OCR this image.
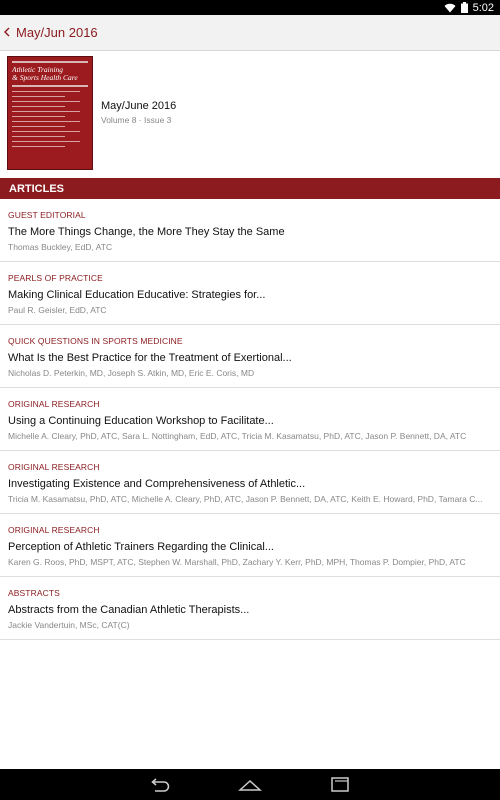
5:02
May/Jun 2016
Athletic Training
& Sports Health Care
May/June 2016
Volume 8 · Issue 3
ARTICLES
GUEST EDITORIAL
The More Things Change, the More They Stay the Same
Thomas Buckley, EdD, ATC
PEARLS OF PRACTICE
Making Clinical Education Educative: Strategies for...
Paul R. Geisler, EdD, ATC
QUICK QUESTIONS IN SPORTS MEDICINE
What Is the Best Practice for the Treatment of Exertional...
Nicholas D. Peterkin, MD, Joseph S. Atkin, MD, Eric E. Coris, MD
ORIGINAL RESEARCH
Using a Continuing Education Workshop to Facilitate...
Michelle A. Cleary, PhD, ATC, Sara L. Nottingham, EdD, ATC, Tricia M. Kasamatsu, PhD, ATC, Jason P. Bennett, DA, ATC
ORIGINAL RESEARCH
Investigating Existence and Comprehensiveness of Athletic...
Tricia M. Kasamatsu, PhD, ATC, Michelle A. Cleary, PhD, ATC, Jason P. Bennett, DA, ATC, Keith E. Howard, PhD, Tamara C...
ORIGINAL RESEARCH
Perception of Athletic Trainers Regarding the Clinical...
Karen G. Roos, PhD, MSPT, ATC, Stephen W. Marshall, PhD, Zachary Y. Kerr, PhD, MPH, Thomas P. Dompier, PhD, ATC
ABSTRACTS
Abstracts from the Canadian Athletic Therapists...
Jackie Vandertuin, MSc, CAT(C)
